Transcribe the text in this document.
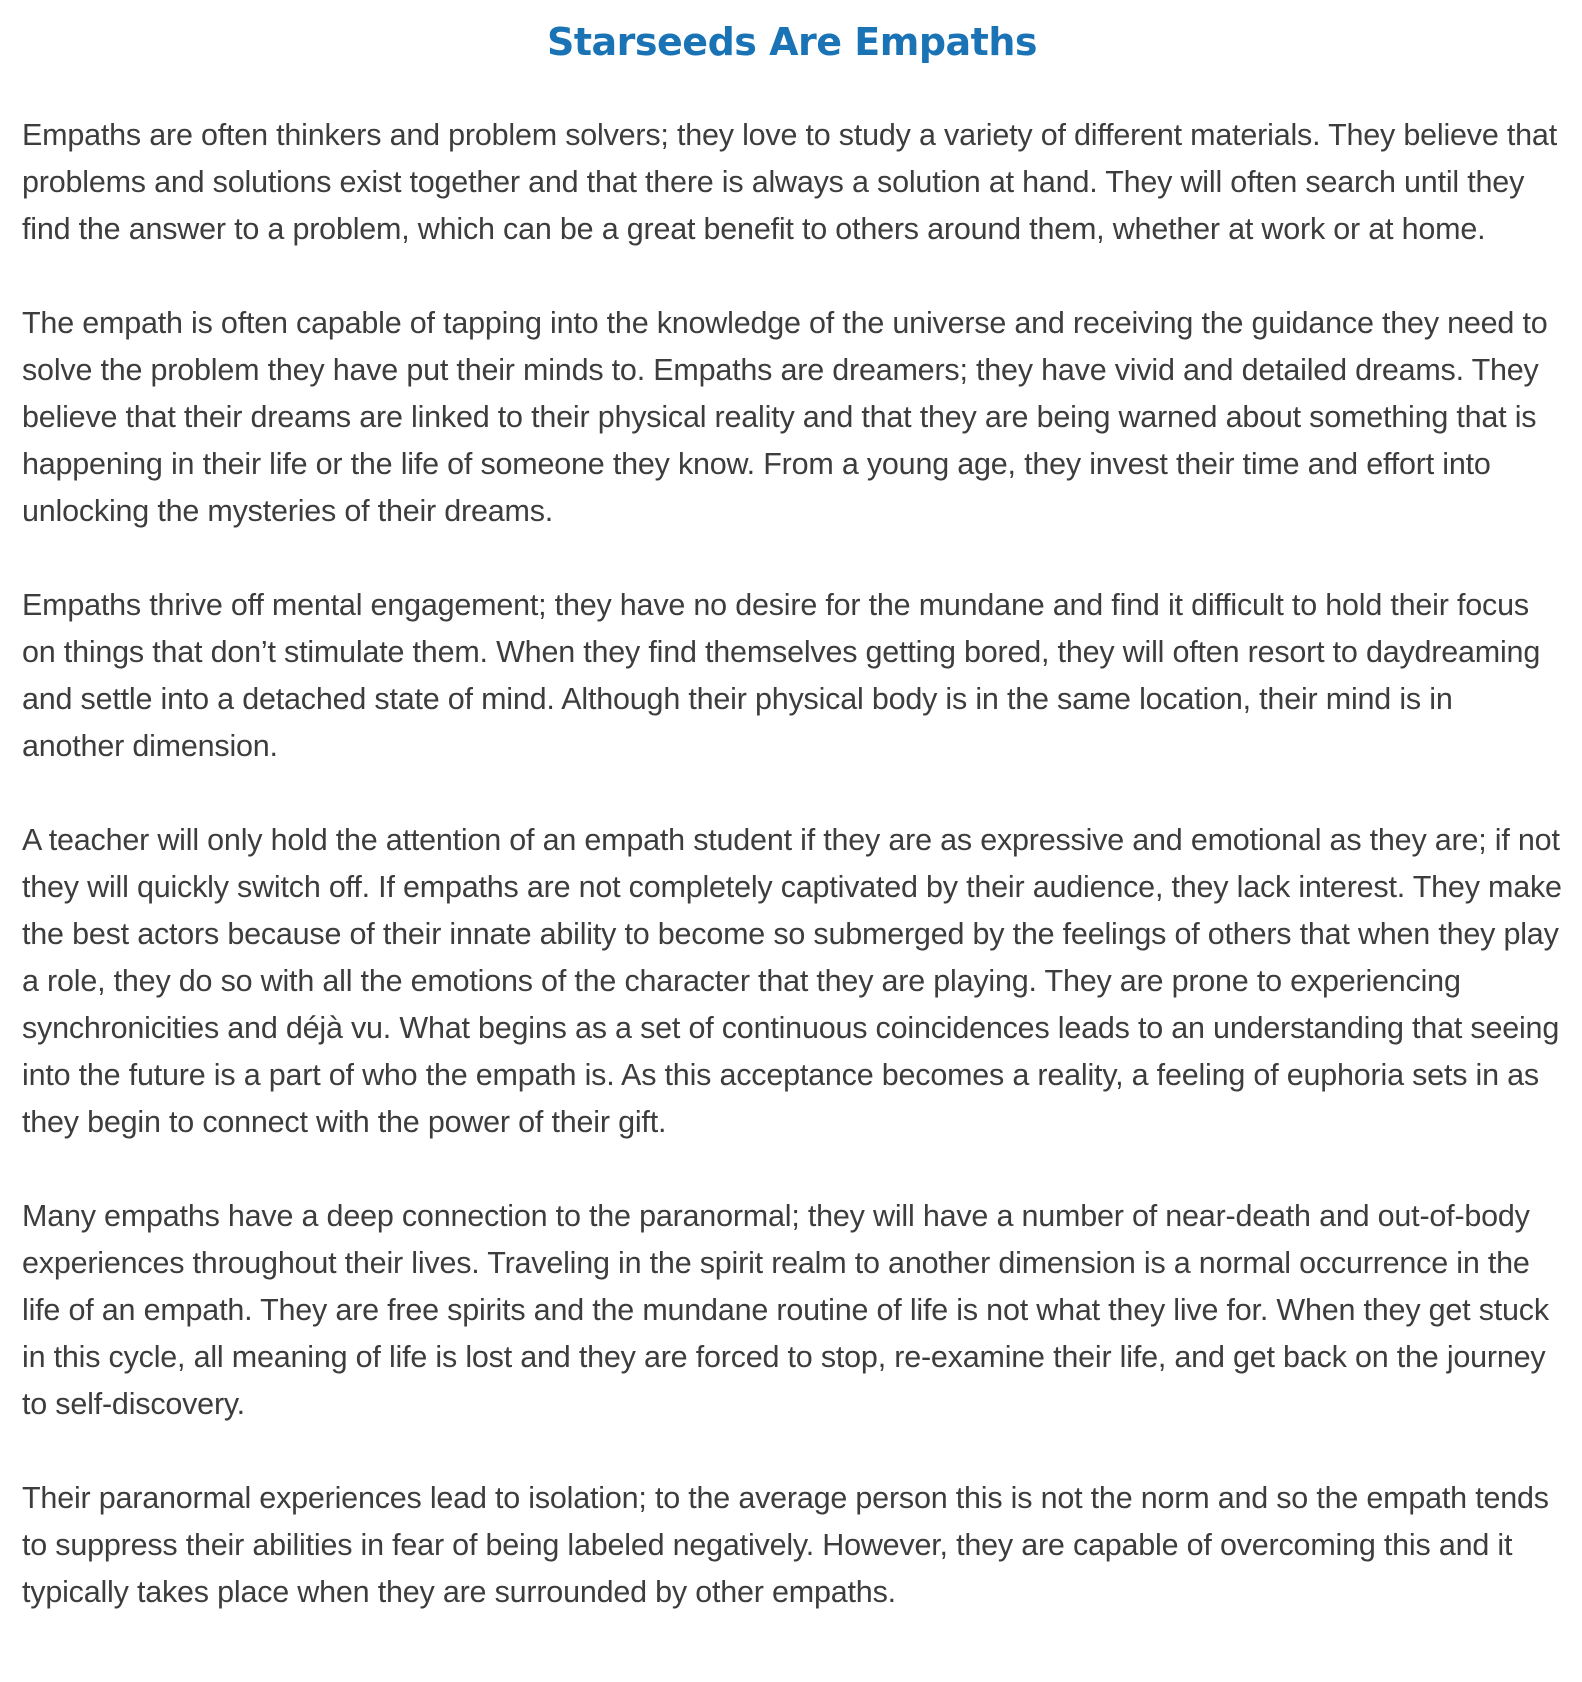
Starseeds Are Empaths

Empaths are often thinkers and problem solvers; they love to study a variety of different materials. They believe that problems and solutions exist together and that there is always a solution at hand. They will often search until they find the answer to a problem, which can be a great benefit to others around them, whether at work or at home.

The empath is often capable of tapping into the knowledge of the universe and receiving the guidance they need to solve the problem they have put their minds to. Empaths are dreamers; they have vivid and detailed dreams. They believe that their dreams are linked to their physical reality and that they are being warned about something that is happening in their life or the life of someone they know. From a young age, they invest their time and effort into unlocking the mysteries of their dreams.

Empaths thrive off mental engagement; they have no desire for the mundane and find it difficult to hold their focus on things that don’t stimulate them. When they find themselves getting bored, they will often resort to daydreaming and settle into a detached state of mind. Although their physical body is in the same location, their mind is in another dimension.

A teacher will only hold the attention of an empath student if they are as expressive and emotional as they are; if not they will quickly switch off. If empaths are not completely captivated by their audience, they lack interest. They make the best actors because of their innate ability to become so submerged by the feelings of others that when they play a role, they do so with all the emotions of the character that they are playing. They are prone to experiencing synchronicities and déjà vu. What begins as a set of continuous coincidences leads to an understanding that seeing into the future is a part of who the empath is. As this acceptance becomes a reality, a feeling of euphoria sets in as they begin to connect with the power of their gift.

Many empaths have a deep connection to the paranormal; they will have a number of near-death and out-of-body experiences throughout their lives. Traveling in the spirit realm to another dimension is a normal occurrence in the life of an empath. They are free spirits and the mundane routine of life is not what they live for. When they get stuck in this cycle, all meaning of life is lost and they are forced to stop, re-examine their life, and get back on the journey to self-discovery.

Their paranormal experiences lead to isolation; to the average person this is not the norm and so the empath tends to suppress their abilities in fear of being labeled negatively. However, they are capable of overcoming this and it typically takes place when they are surrounded by other empaths.
